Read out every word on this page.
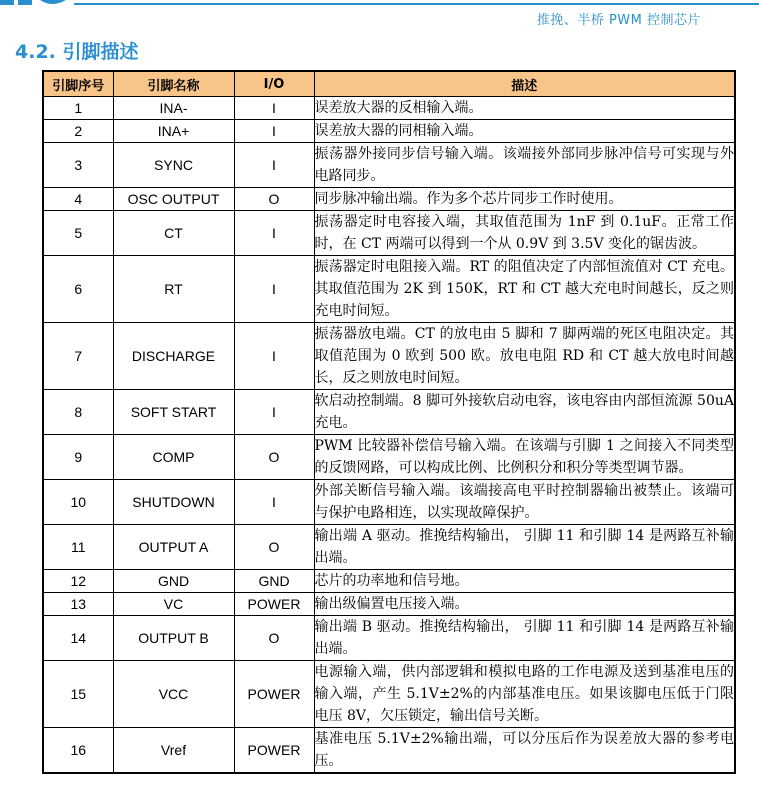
推挽、半桥 PWM 控制芯片
4.2. 引脚描述
引脚序号	引脚名称	I/O	描述
1	INA-	I	误差放大器的反相输入端。
2	INA+	I	误差放大器的同相输入端。
3	SYNC	I	振荡器外接同步信号输入端。该端接外部同步脉冲信号可实现与外电路同步。
4	OSC OUTPUT	O	同步脉冲输出端。作为多个芯片同步工作时使用。
5	CT	I	振荡器定时电容接入端，其取值范围为 1nF 到 0.1uF。正常工作时，在 CT 两端可以得到一个从 0.9V 到 3.5V 变化的锯齿波。
6	RT	I	振荡器定时电阻接入端。RT 的阻值决定了内部恒流值对 CT 充电。其取值范围为 2K 到 150K，RT 和 CT 越大充电时间越长，反之则充电时间短。
7	DISCHARGE	I	振荡器放电端。CT 的放电由 5 脚和 7 脚两端的死区电阻决定。其取值范围为 0 欧到 500 欧。放电电阻 RD 和 CT 越大放电时间越长，反之则放电时间短。
8	SOFT START	I	软启动控制端。8 脚可外接软启动电容，该电容由内部恒流源 50uA 充电。
9	COMP	O	PWM 比较器补偿信号输入端。在该端与引脚 1 之间接入不同类型的反馈网路，可以构成比例、比例积分和积分等类型调节器。
10	SHUTDOWN	I	外部关断信号输入端。该端接高电平时控制器输出被禁止。该端可与保护电路相连，以实现故障保护。
11	OUTPUT A	O	输出端 A 驱动。推挽结构输出， 引脚 11 和引脚 14 是两路互补输出端。
12	GND	GND	芯片的功率地和信号地。
13	VC	POWER	输出级偏置电压接入端。
14	OUTPUT B	O	输出端 B 驱动。推挽结构输出， 引脚 11 和引脚 14 是两路互补输出端。
15	VCC	POWER	电源输入端，供内部逻辑和模拟电路的工作电源及送到基准电压的输入端，产生 5.1V±2%的内部基准电压。如果该脚电压低于门限电压 8V，欠压锁定，输出信号关断。
16	Vref	POWER	基准电压 5.1V±2%输出端，可以分压后作为误差放大器的参考电压。
